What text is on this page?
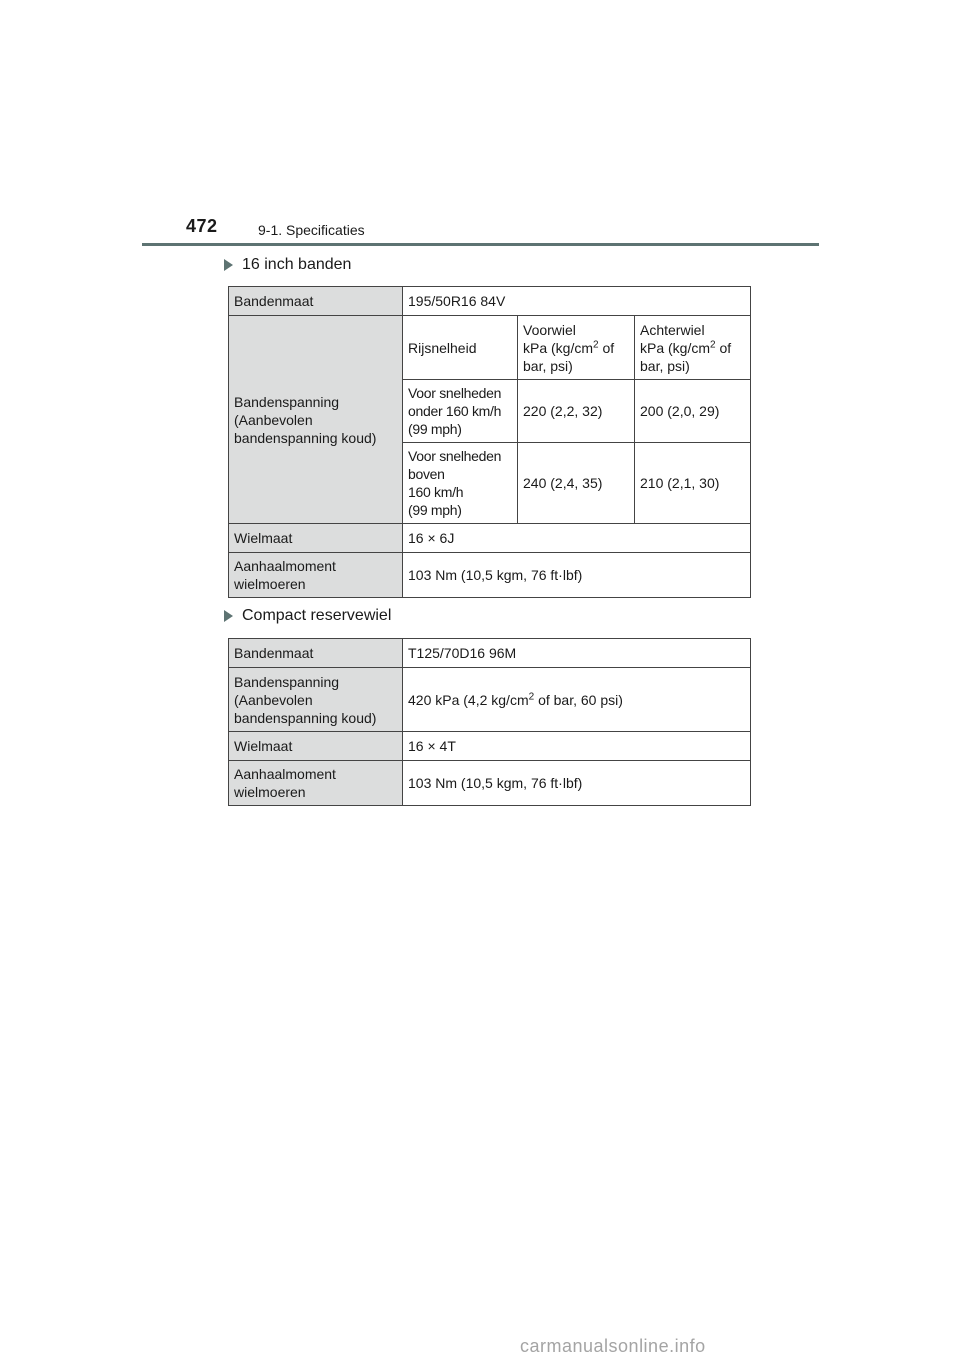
472	9-1. Specificaties
16 inch banden
Bandenmaat	195/50R16 84V		

Bandenspanning
(Aanbevolen
bandenspanning koud)	Rijsnelheid	Voorwiel
kPa ($kg/cm^2$ of
bar, psi)	Achterwiel
kPa ($kg/cm^2$ of
bar, psi)

	Voor snelheden
onder 160 km/h
(99 mph)	220 (2,2, 32)	200 (2,0, 29)

	Voor snelheden
boven
160 km/h
(99 mph)	240 (2,4, 35)	210 (2,1, 30)
Wielmaat	16 × 6J		

Aanhaalmoment
wielmoeren	103 Nm (10,5 kgm, 76 ft·lbf)		
Compact reservewiel
Bandenmaat	T125/70D16 96M

Bandenspanning
(Aanbevolen
bandenspanning koud)	420 kPa (4,2 $kg/cm^2$ of bar, 60 psi)
Wielmaat	16 × 4T

Aanhaalmoment
wielmoeren	103 Nm (10,5 kgm, 76 ft·lbf)
carmanualsonline.info
